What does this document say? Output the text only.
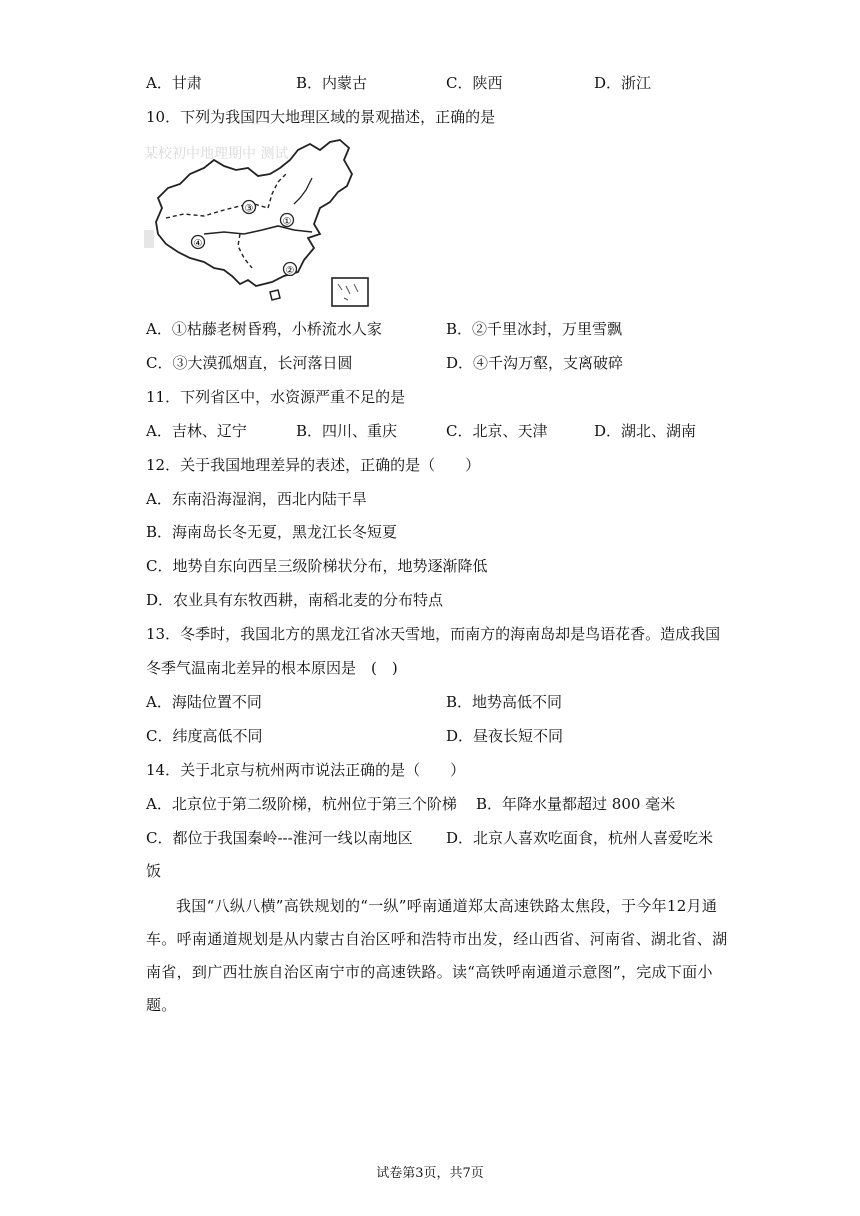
A．甘肃	B．内蒙古	C．陕西	D．浙江
10．下列为我国四大地理区域的景观描述，正确的是
某校初中地理期中 测试
①
②
③
④
A．①枯藤老树昏鸦，小桥流水人家	B．②千里冰封，万里雪飘
C．③大漠孤烟直，长河落日圆	D．④千沟万壑，支离破碎
11．下列省区中，水资源严重不足的是
A．吉林、辽宁	B．四川、重庆	C．北京、天津	D．湖北、湖南
12．关于我国地理差异的表述，正确的是（　　）
A．东南沿海湿润，西北内陆干旱
B．海南岛长冬无夏，黑龙江长冬短夏
C．地势自东向西呈三级阶梯状分布，地势逐渐降低
D．农业具有东牧西耕，南稻北麦的分布特点
13．冬季时，我国北方的黑龙江省冰天雪地，而南方的海南岛却是鸟语花香。造成我国
冬季气温南北差异的根本原因是　(　)
A．海陆位置不同	B．地势高低不同
C．纬度高低不同	D．昼夜长短不同
14．关于北京与杭州两市说法正确的是（　　）
A．北京位于第二级阶梯，杭州位于第三个阶梯 B．年降水量都超过 800 毫米
C．都位于我国秦岭---淮河一线以南地区 D．北京人喜欢吃面食，杭州人喜爱吃米
饭
我国“八纵八横”高铁规划的“一纵”呼南通道郑太高速铁路太焦段，于今年12月通车。呼南通道规划是从内蒙古自治区呼和浩特市出发，经山西省、河南省、湖北省、湖南省，到广西壮族自治区南宁市的高速铁路。读“高铁呼南通道示意图”，完成下面小题。
试卷第3页，共7页
